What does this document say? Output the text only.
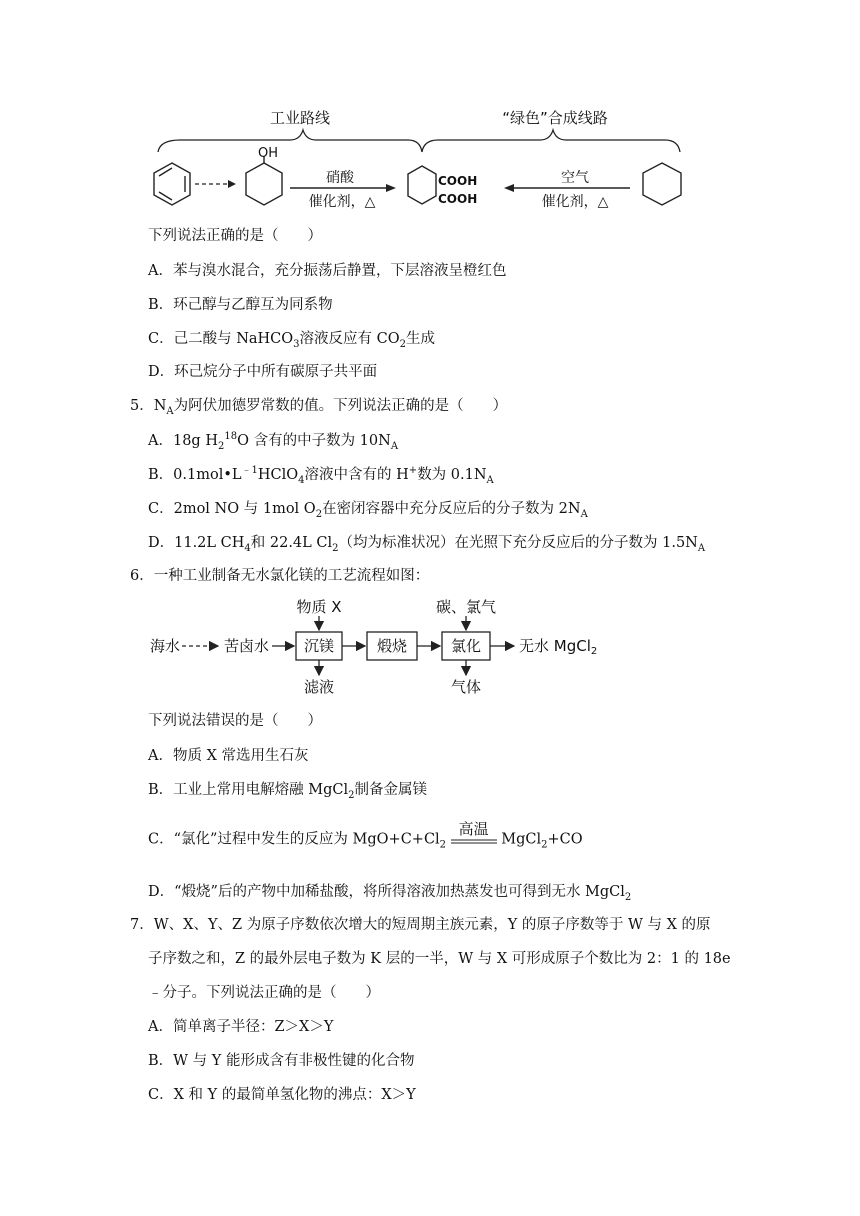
工业路线	“绿色”合成线路
OH
硝酸
催化剂，△
COOH
COOH
空气
催化剂，△
下列说法正确的是（　　）
A．苯与溴水混合，充分振荡后静置，下层溶液呈橙红色
B．环己醇与乙醇互为同系物
C．己二酸与 NaHCO$_3$溶液反应有 $CO_2$生成
D．环己烷分子中所有碳原子共平面
5．$N_A$为阿伏加德罗常数的值。下列说法正确的是（　　）
A．18g $H_2^{18}O$ 含有的中子数为 $10N_A$
B．$0.1mol•L^{﹣1}HClO_4$溶液中含有的 H+数为 $0.1N_A$
C．2mol NO 与 1mol $O_2$在密闭容器中充分反应后的分子数为 $2N_A$
D．11.2L $CH_4$和 22.4L $Cl_2$（均为标准状况）在光照下充分反应后的分子数为 $1.5N_A$
6．一种工业制备无水氯化镁的工艺流程如图：
海水	苦卤水 沉镁	煅烧	氯化	无水 MgCl$_2$
物质 X	碳、氯气
滤液	气体
下列说法错误的是（　　）
A．物质 X 常选用生石灰
B．工业上常用电解熔融 MgCl$_2$制备金属镁
C．“氯化”过程中发生的反应为 $MgO+C+Cl_2$
高温
MgCl$_2$+CO
D．“煅烧”后的产物中加稀盐酸，将所得溶液加热蒸发也可得到无水 MgCl$_2$
7．W、X、Y、Z 为原子序数依次增大的短周期主族元素，Y 的原子序数等于 W 与 X 的原
子序数之和，Z 的最外层电子数为 K 层的一半，W 与 X 可形成原子个数比为 2：1 的 18e
﹣分子。下列说法正确的是（　　）
A．简单离子半径：Z＞X＞Y
B．W 与 Y 能形成含有非极性键的化合物
C．X 和 Y 的最简单氢化物的沸点：X＞Y
